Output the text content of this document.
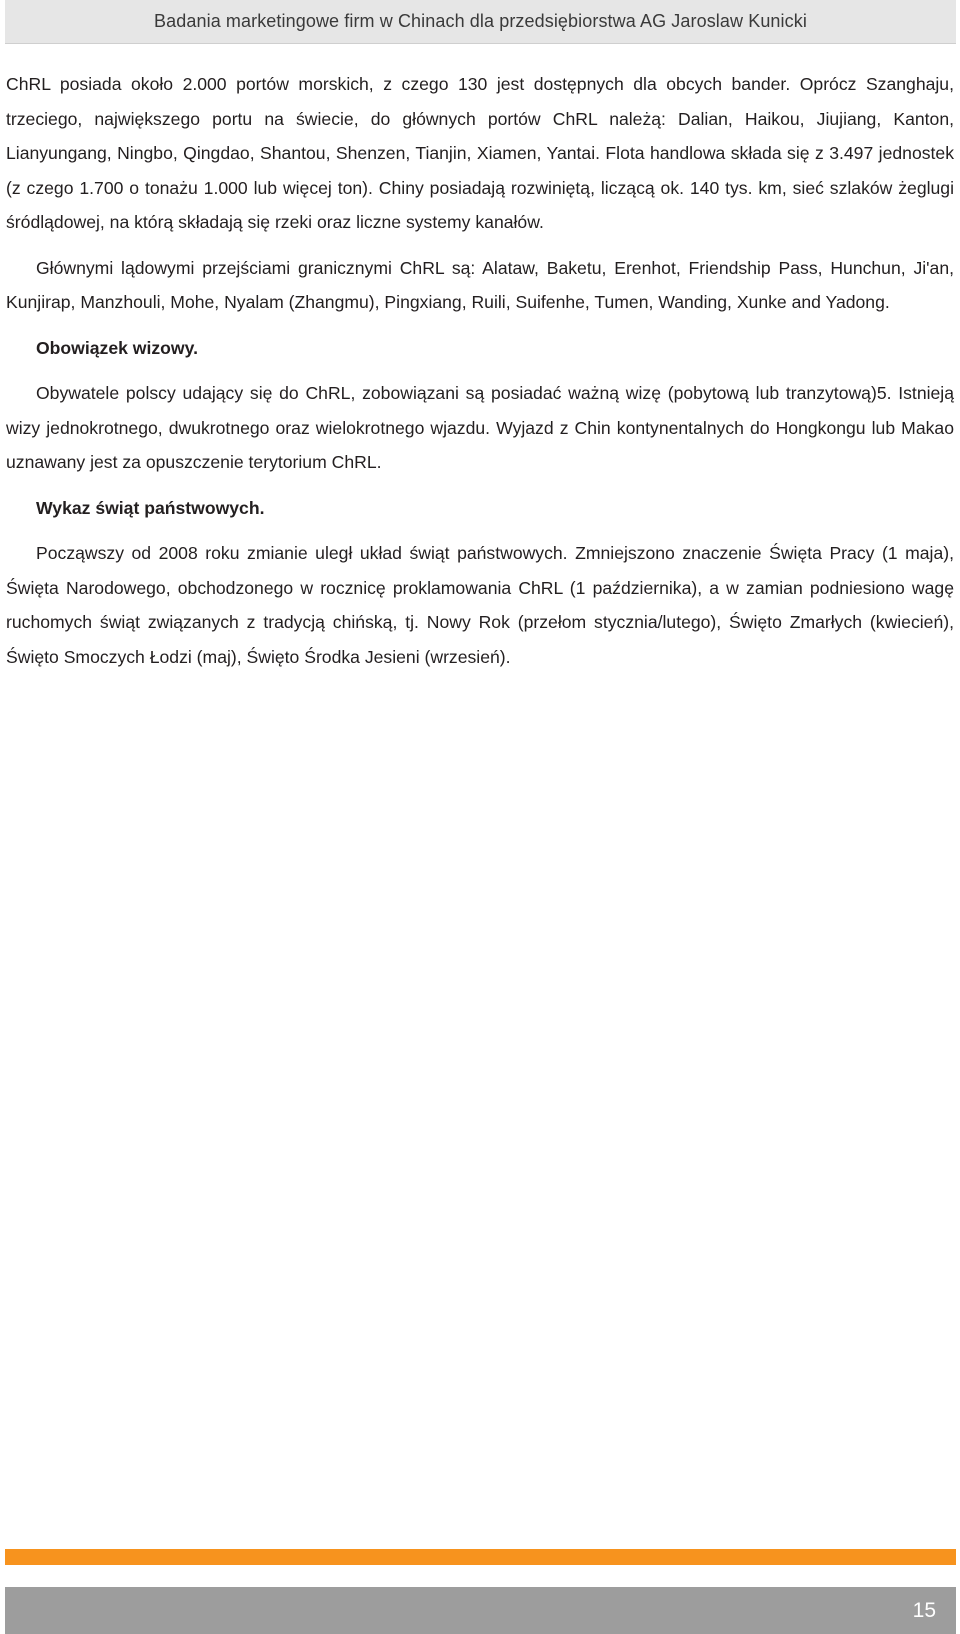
Badania marketingowe firm w Chinach dla przedsiębiorstwa AG Jaroslaw Kunicki

ChRL posiada około 2.000 portów morskich, z czego 130 jest dostępnych dla obcych bander. Oprócz Szanghaju, trzeciego, największego portu na świecie, do głównych portów ChRL należą: Dalian, Haikou, Jiujiang, Kanton, Lianyungang, Ningbo, Qingdao, Shantou, Shenzen, Tianjin, Xiamen, Yantai. Flota handlowa składa się z 3.497 jednostek (z czego 1.700 o tonażu 1.000 lub więcej ton). Chiny posiadają rozwiniętą, liczącą ok. 140 tys. km, sieć szlaków żeglugi śródlądowej, na którą składają się rzeki oraz liczne systemy kanałów.

Głównymi lądowymi przejściami granicznymi ChRL są: Alataw, Baketu, Erenhot, Friendship Pass, Hunchun, Ji'an, Kunjirap, Manzhouli, Mohe, Nyalam (Zhangmu), Pingxiang, Ruili, Suifenhe, Tumen, Wanding, Xunke and Yadong.

Obowiązek wizowy.

Obywatele polscy udający się do ChRL, zobowiązani są posiadać ważną wizę (pobytową lub tranzytową)5. Istnieją wizy jednokrotnego, dwukrotnego oraz wielokrotnego wjazdu. Wyjazd z Chin kontynentalnych do Hongkongu lub Makao uznawany jest za opuszczenie terytorium ChRL.

Wykaz świąt państwowych.

Począwszy od 2008 roku zmianie uległ układ świąt państwowych. Zmniejszono znaczenie Święta Pracy (1 maja), Święta Narodowego, obchodzonego w rocznicę proklamowania ChRL (1 października), a w zamian podniesiono wagę ruchomych świąt związanych z tradycją chińską, tj. Nowy Rok (przełom stycznia/lutego), Święto Zmarłych (kwiecień), Święto Smoczych Łodzi (maj), Święto Środka Jesieni (wrzesień).

15
